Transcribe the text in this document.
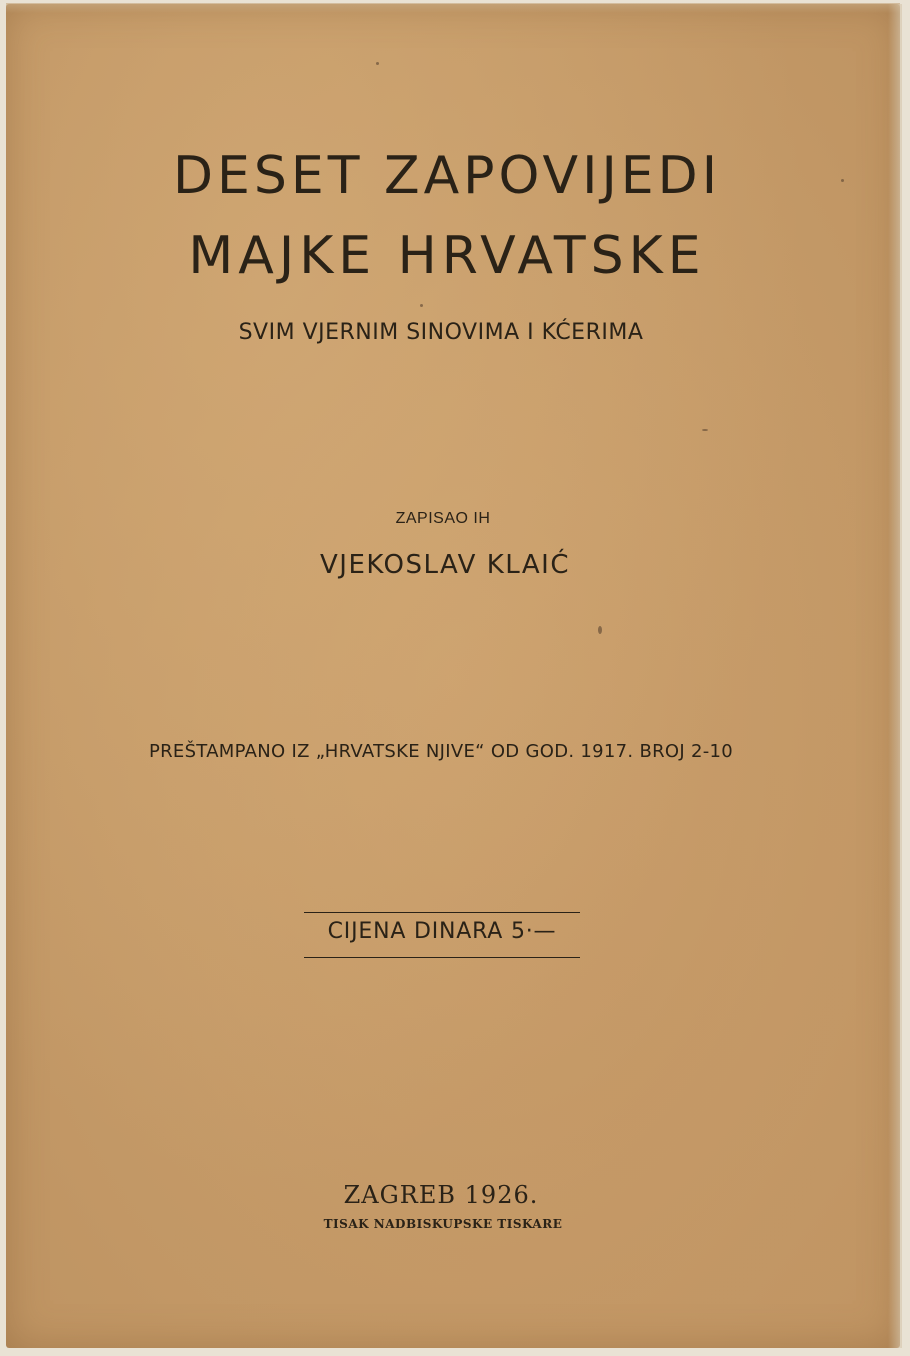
DESET ZAPOVIJEDI
MAJKE HRVATSKE

SVIM VJERNIM SINOVIMA I KĆERIMA

ZAPISAO IH

VJEKOSLAV KLAIĆ

PREŠTAMPANO IZ „HRVATSKE NJIVE“ OD GOD. 1917. BROJ 2-10

CIJENA DINARA 5·—

ZAGREB 1926.

TISAK NADBISKUPSKE TISKARE
